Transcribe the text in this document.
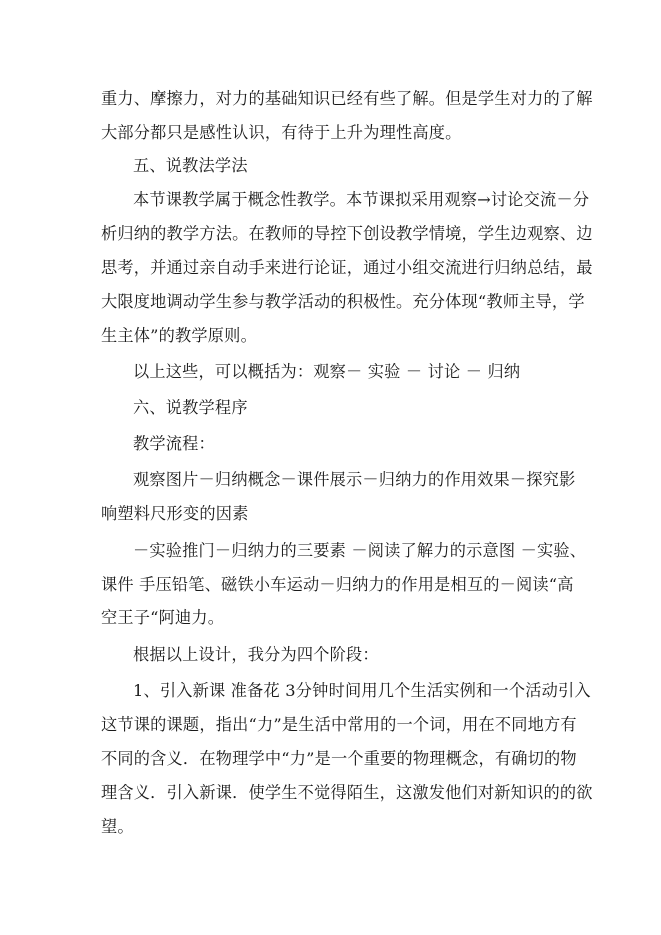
重力、摩擦力，对力的基础知识已经有些了解。但是学生对力的了解
大部分都只是感性认识，有待于上升为理性高度。
五、说教法学法
本节课教学属于概念性教学。本节课拟采用观察→讨论交流－分
析归纳的教学方法。在教师的导控下创设教学情境，学生边观察、边
思考，并通过亲自动手来进行论证，通过小组交流进行归纳总结，最
大限度地调动学生参与教学活动的积极性。充分体现“教师主导，学
生主体”的教学原则。
以上这些，可以概括为：观察－ 实验 － 讨论 － 归纳
六、说教学程序
教学流程：
观察图片－归纳概念－课件展示－归纳力的作用效果－探究影
响塑料尺形变的因素
－实验推门－归纳力的三要素 －阅读了解力的示意图 －实验、
课件 手压铅笔、磁铁小车运动－归纳力的作用是相互的－阅读“高
空王子“阿迪力。
根据以上设计，我分为四个阶段：
1、引入新课 准备花 3分钟时间用几个生活实例和一个活动引入
这节课的课题，指出“力”是生活中常用的一个词，用在不同地方有
不同的含义．在物理学中“力”是一个重要的物理概念，有确切的物
理含义．引入新课．使学生不觉得陌生，这激发他们对新知识的的欲
望。
